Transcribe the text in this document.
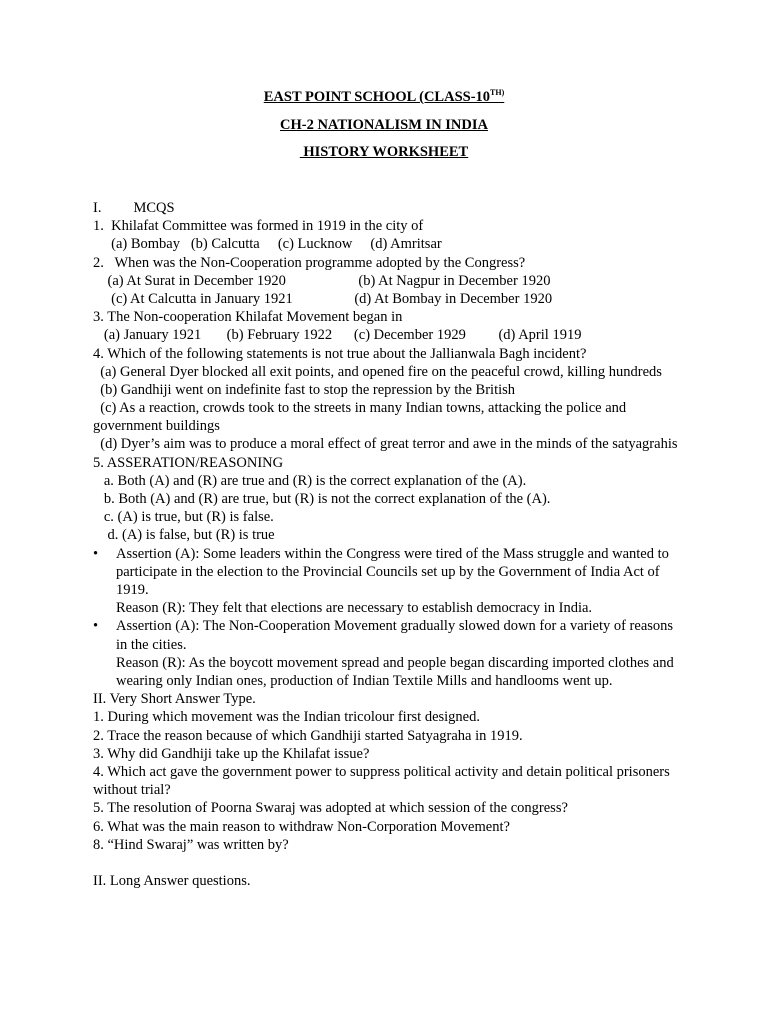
EAST POINT SCHOOL ($CLASS-10^{TH)}$
CH-2 NATIONALISM IN INDIA
HISTORY WORKSHEET
I. MCQS
1.  Khilafat Committee was formed in 1919 in the city of
(a) Bombay   (b) Calcutta     (c) Lucknow     (d) Amritsar
2.   When was the Non-Cooperation programme adopted by the Congress?
(a) At Surat in December 1920                    (b) At Nagpur in December 1920
(c) At Calcutta in January 1921                 (d) At Bombay in December 1920
3. The Non-cooperation Khilafat Movement began in
(a) January 1921       (b) February 1922      (c) December 1929         (d) April 1919
4. Which of the following statements is not true about the Jallianwala Bagh incident?
(a) General Dyer blocked all exit points, and opened fire on the peaceful crowd, killing hundreds
(b) Gandhiji went on indefinite fast to stop the repression by the British
(c) As a reaction, crowds took to the streets in many Indian towns, attacking the police and government buildings
(d) Dyer’s aim was to produce a moral effect of great terror and awe in the minds of the satyagrahis
5. ASSERATION/REASONING
a. Both (A) and (R) are true and (R) is the correct explanation of the (A).
b. Both (A) and (R) are true, but (R) is not the correct explanation of the (A).
c. (A) is true, but (R) is false.
d. (A) is false, but (R) is true
• Assertion (A): Some leaders within the Congress were tired of the Mass struggle and wanted to participate in the election to the Provincial Councils set up by the Government of India Act of 1919.
Reason (R): They felt that elections are necessary to establish democracy in India.
• Assertion (A): The Non-Cooperation Movement gradually slowed down for a variety of reasons in the cities.
Reason (R): As the boycott movement spread and people began discarding imported clothes and wearing only Indian ones, production of Indian Textile Mills and handlooms went up.
II. Very Short Answer Type.
1. During which movement was the Indian tricolour first designed.
2. Trace the reason because of which Gandhiji started Satyagraha in 1919.
3. Why did Gandhiji take up the Khilafat issue?
4. Which act gave the government power to suppress political activity and detain political prisoners without trial?
5. The resolution of Poorna Swaraj was adopted at which session of the congress?
6. What was the main reason to withdraw Non-Corporation Movement?
8. “Hind Swaraj” was written by?
II. Long Answer questions.
